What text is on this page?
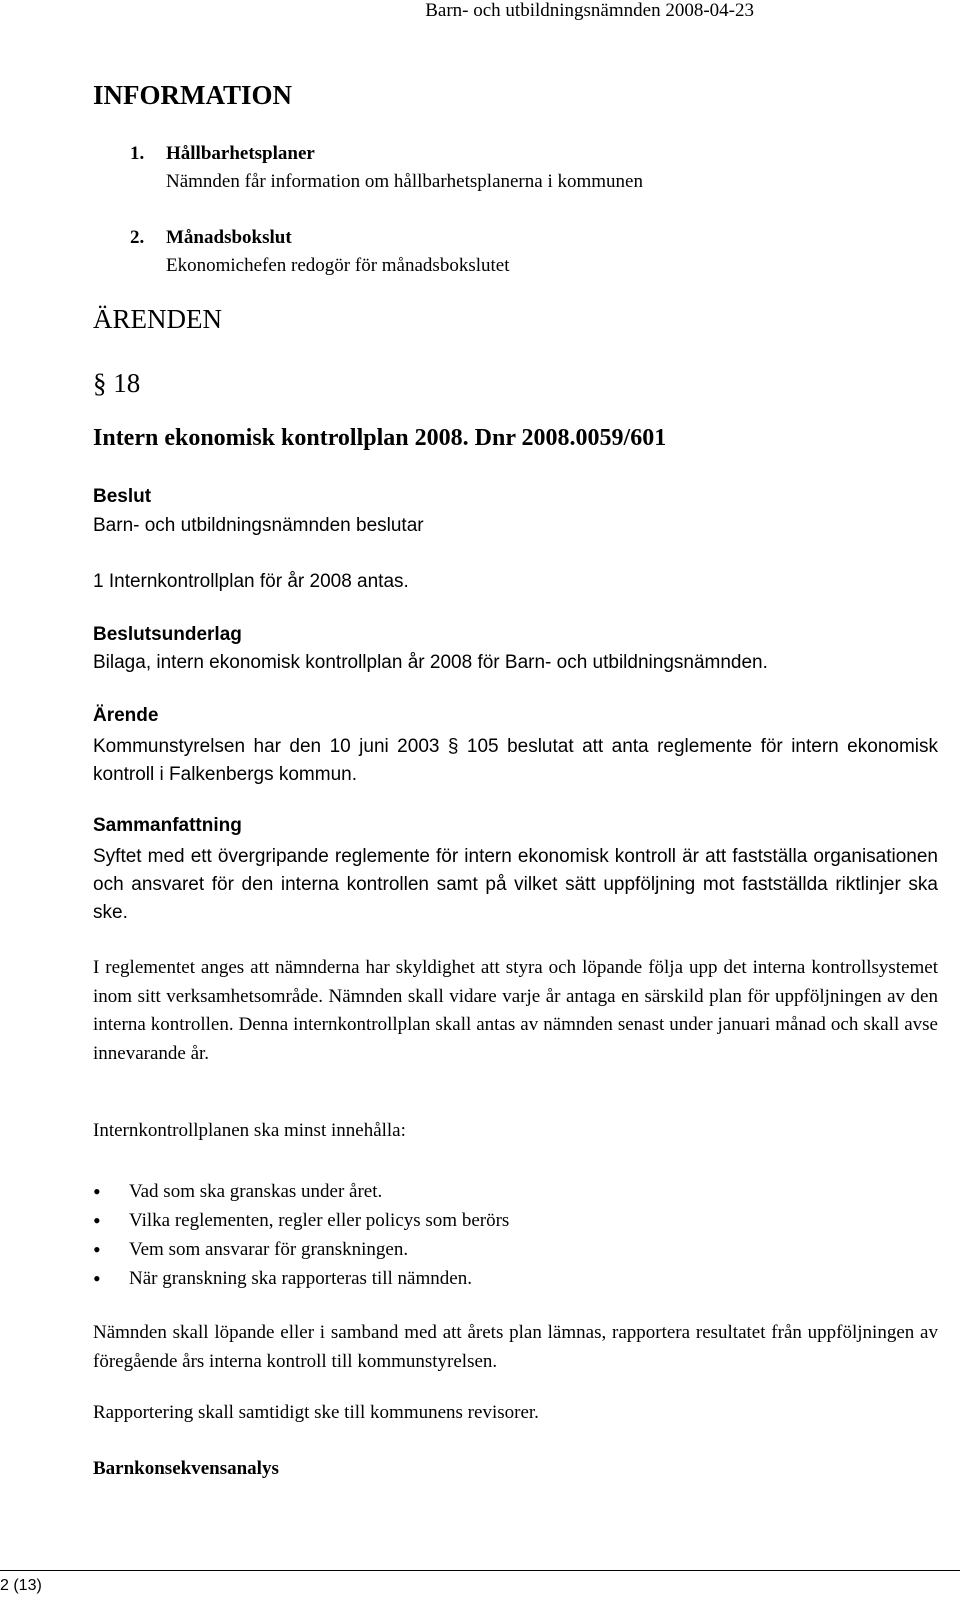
Barn- och utbildningsnämnden 2008-04-23
INFORMATION
1. Hållbarhetsplaner
Nämnden får information om hållbarhetsplanerna i kommunen
2. Månadsbokslut
Ekonomichefen redogör för månadsbokslutet
ÄRENDEN
§ 18
Intern ekonomisk kontrollplan 2008. Dnr 2008.0059/601
Beslut
Barn- och utbildningsnämnden beslutar
1 Internkontrollplan för år 2008 antas.
Beslutsunderlag
Bilaga, intern ekonomisk kontrollplan år 2008 för Barn- och utbildningsnämnden.
Ärende
Kommunstyrelsen har den 10 juni 2003 § 105 beslutat att anta reglemente för intern ekonomisk kontroll i Falkenbergs kommun.
Sammanfattning
Syftet med ett övergripande reglemente för intern ekonomisk kontroll är att fastställa organisationen och ansvaret för den interna kontrollen samt på vilket sätt uppföljning mot fastställda riktlinjer ska ske.
I reglementet anges att nämnderna har skyldighet att styra och löpande följa upp det interna kontrollsystemet inom sitt verksamhetsområde. Nämnden skall vidare varje år antaga en särskild plan för uppföljningen av den interna kontrollen. Denna internkontrollplan skall antas av nämnden senast under januari månad och skall avse innevarande år.
Internkontrollplanen ska minst innehålla:
• Vad som ska granskas under året.
• Vilka reglementen, regler eller policys som berörs
• Vem som ansvarar för granskningen.
• När granskning ska rapporteras till nämnden.
Nämnden skall löpande eller i samband med att årets plan lämnas, rapportera resultatet från uppföljningen av föregående års interna kontroll till kommunstyrelsen.
Rapportering skall samtidigt ske till kommunens revisorer.
Barnkonsekvensanalys
2 (13)
